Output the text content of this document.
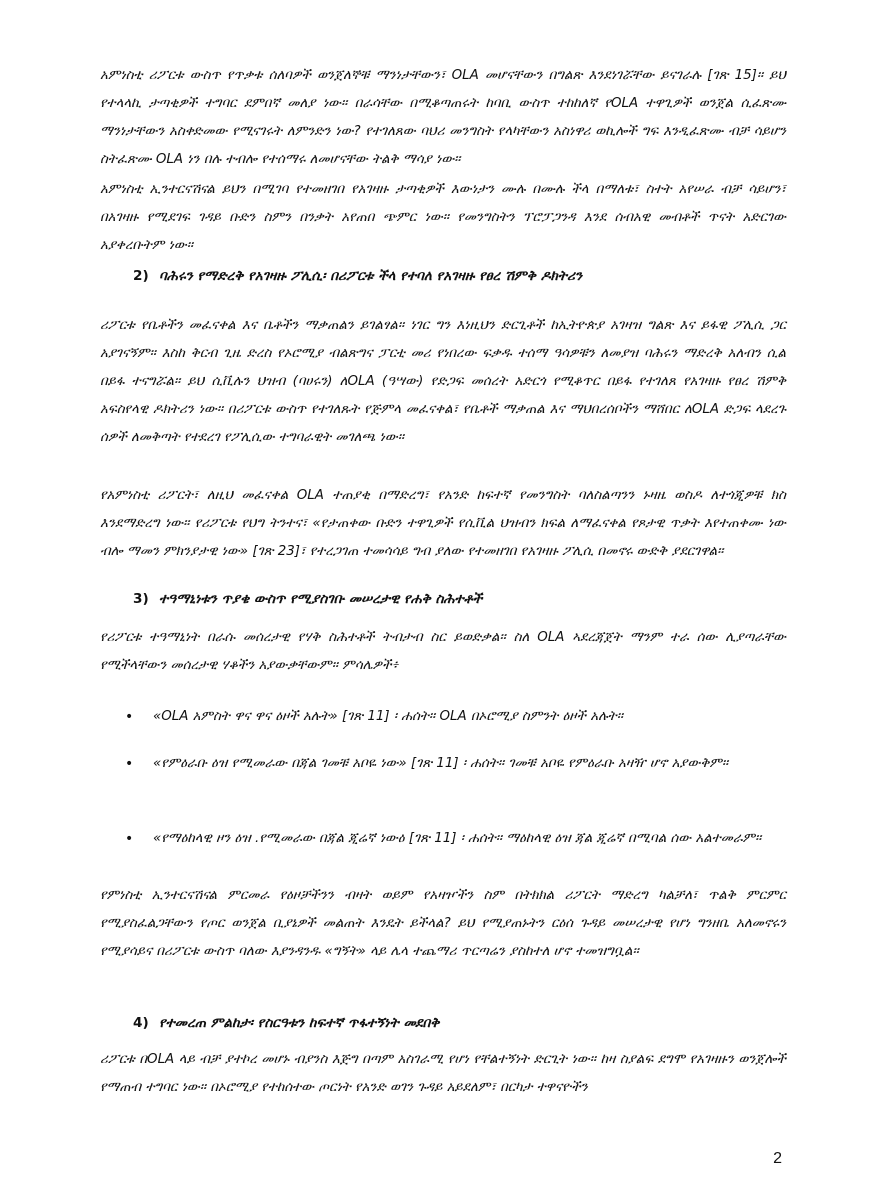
አምነስቲ ሪፖርቱ ውስጥ የጥቃቱ ሰለባዎች ወንጀለኞቹ ማንነታቸውን፣ OLA መሆናቸውን በግልጽ እንደነገሯቸው ይናገራሉ [ገጽ 15]። ይህ የተላላኪ ታጣቂዎች ተግባር ደምበኛ መለያ ነው። በራሳቸው በሚቆጣጠሩት ከባቢ ውስጥ ተከከለኛ የOLA ተዋጊዎች ወንጀል ሲፈጽሙ ማንነታቸውን አስቀድመው የሚናገሩት ለምንድን ነው? የተገለጸው ባህሪ መንግስት የላካቸውን አስነዋሪ ወኪሎች ግፍ እንዲፈጽሙ ብቻ ሳይሆን ስትፈጽሙ OLA ነን በሉ ተብሎ የተሰማሩ ለመሆናቸው ትልቅ ማሳያ ነው።

አምነስቲ ኢንተርናሽናል ይህን በሚገባ የተመዘገበ የአገዛዙ ታጣቂዎች እውነታን ሙሉ በሙሉ ችላ በማለቱ፣ ስተት አየሠራ ብቻ ሳይሆን፣ በአገዛዙ የሚደገፍ ገዳይ ቡድን ስምን በንቃት አየጠበ ጭምር ነው። የመንግስትን ፕሮፓጋንዳ እንደ ሰብአዊ መብቶች ጥናት አድርገው አያቀረቡትም ነው።

2) ባሕሩን የማድረቅ የአገዛዙ ፖሊሲ፡ በሪፖርቱ ችላ የተባለ የአገዛዙ የፀረ ሽምቅ ዶክትሪን

ሪፖርቱ የቤቶችን መፈናቀል እና ቤቶችን ማቃጠልን ይገልፃል። ነገር ግን እነዚህን ድርጊቶች ከኢትዮጵያ አገዛዝ ግልጽ እና ይፋዊ ፖሊሲ ጋር አያገናኝም። እስከ ቅርብ ጊዜ ድረስ የኦሮሚያ ብልጽግና ፓርቲ መሪ የነበረው ፍቃዱ ተሰማ ዓሳዎቹን ለመያዝ ባሕሩን ማድረቅ አለብን ሲል በይፋ ተናግሯል። ይህ ሲቪሉን ህዝብ (ባሀሩን) ለOLA (ዓሣው) የድጋፍ መሰረት አድርጎ የሚቆጥር በይፋ የተገለጸ የአገዛዙ የፀረ ሽምቅ አፍስየላዊ ዶክትሪን ነው። በሪፖርቱ ውስጥ የተገለጹት የጅምላ መፈናቀል፣ የቤቶች ማቃጠል እና ማህበረሰቦችን ማሸበር ለOLA ድጋፍ ላደረጉ ሰዎች ለመቅጣት የተደረገ የፖሊሲው ተግባራዊት መገለጫ ነው።

የአምነስቲ ሪፖርት፣ ለዚህ መፈናቀል OLA ተጠያቂ በማድረግ፣ የአንድ ከፍተኛ የመንግስት ባለስልጣንን ኑዛዜ ወስዶ ለተጎጂዎቹ ክስ እንደማድረግ ነው። የሪፖርቱ የህግ ትንተና፣ «የታጠቀው ቡድን ተዋጊዎች የሲቪል ህዝብን ክፍል ለማፈናቀል የጾታዊ ጥቃት እየተጠቀሙ ነው ብሎ ማመን ምክንያታዊ ነው» [ገጽ 23]፣ የተረጋገጠ ተመሳሳይ ግብ ያለው የተመዘገበ የአገዛዙ ፖሊሲ በመኖሩ ውድቅ ያደርገዋል።

3) ተዓማኒነቱን ጥያቄ ውስጥ የሚያስገቡ መሠረታዊ የሐቅ ስሕተቶች

የሪፖርቱ ተዓማኒነት በራሱ መሰረታዊ የሃቅ ስሕተቶች ትብታብ ስር ይወድቃል። ስለ OLA ኣደረጃጀት ማንም ተራ ሰው ሊያጣራቸው የሚችላቸውን መሰረታዊ ሃቆችን አያውቃቸውም። ምሳሌዎች፥

•	«OLA አምስት ዋና ዋና ዕዞች አሉት» [ገጽ 11] ፡ ሐሰት። OLA በኦሮሚያ ስምንት ዕዞች አሉት።

•	«የምዕራቡ ዕዝ የሚመራው በጃል ገመቹ አቦዬ ነው» [ገጽ 11] ፡ ሐሰት። ገመቹ አቦዬ የምዕራቡ አዛዥ ሆኖ አያውቅም።

•	«የማዕከላዊ ዞን ዕዝ .የሚመራው በጃል ጂሬኛ ነውዕ [ገጽ 11] ፡ ሐሰት። ማዕከላዊ ዕዝ ጃል ጂሬኛ በሚባል ሰው አልተመራም።

የምነስቲ ኢንተርናሽናል ምርመራ የዕዞቻችንን ብዛት ወይም የአዛዦችን ስም በትክክል ሪፖርት ማድረግ ካልቻለ፣ ጥልቅ ምርምር የሚያስፈልጋቸውን የጦር ወንጀል ቢያኔዎች መልጠት እንዴት ይችላል? ይህ የሚያጠኑትን ርዕሰ ጉዳይ መሠረታዊ የሆነ ግንዘቤ አለመኖሩን የሚያሳይና በሪፖርቱ ውስጥ ባለው እያንዳንዱ «ግኝት» ላይ ሌላ ተጨማሪ ጥርጣሬን ያስከተለ ሆኖ ተመዝግቧል።

4) የተመረጠ ምልከታ፡ የስርዓቱን ከፍተኛ ጥፋተኝነት መደበቅ

ሪፖርቱ በOLA ላይ ብቻ ያተኮረ መሆኑ ብያንስ እጅግ በጣም አስገራሚ የሆነ የቸልተኝነት ድርጊት ነው። ከዛ ስያልፍ ደግሞ የአገዛዙን ወንጀሎች የማጠብ ተግባር ነው። በኦሮሚያ የተከሰተው ጦርነት የአንድ ወገን ጉዳይ አይደለም፣ በርካታ ተዋናዮችን

2
